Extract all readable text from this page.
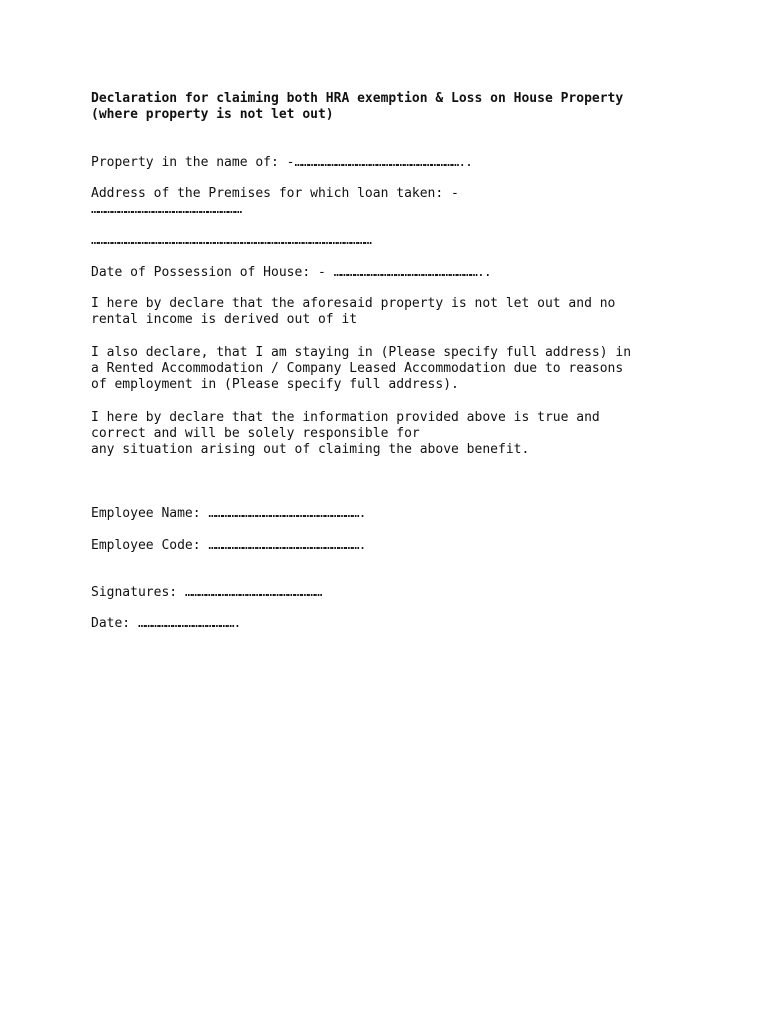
Declaration for claiming both HRA exemption & Loss on House Property
(where property is not let out)
Property in the name of: -………………………………………………………………..
Address of the Premises for which loan taken: -
…………………………………………………………
……………………………………………………………………………………………………………
Date of Possession of House: - ………………………………………………………..
I here by declare that the aforesaid property is not let out and no
rental income is derived out of it
I also declare, that I am staying in (Please specify full address) in
a Rented Accommodation / Company Leased Accommodation due to reasons
of employment in (Please specify full address).
I here by declare that the information provided above is true and
correct and will be solely responsible for
any situation arising out of claiming the above benefit.
Employee Name: ………………………………………………………….
Employee Code: ………………………………………………………….
Signatures: ……………………………………………………
Date: …………………………………….
